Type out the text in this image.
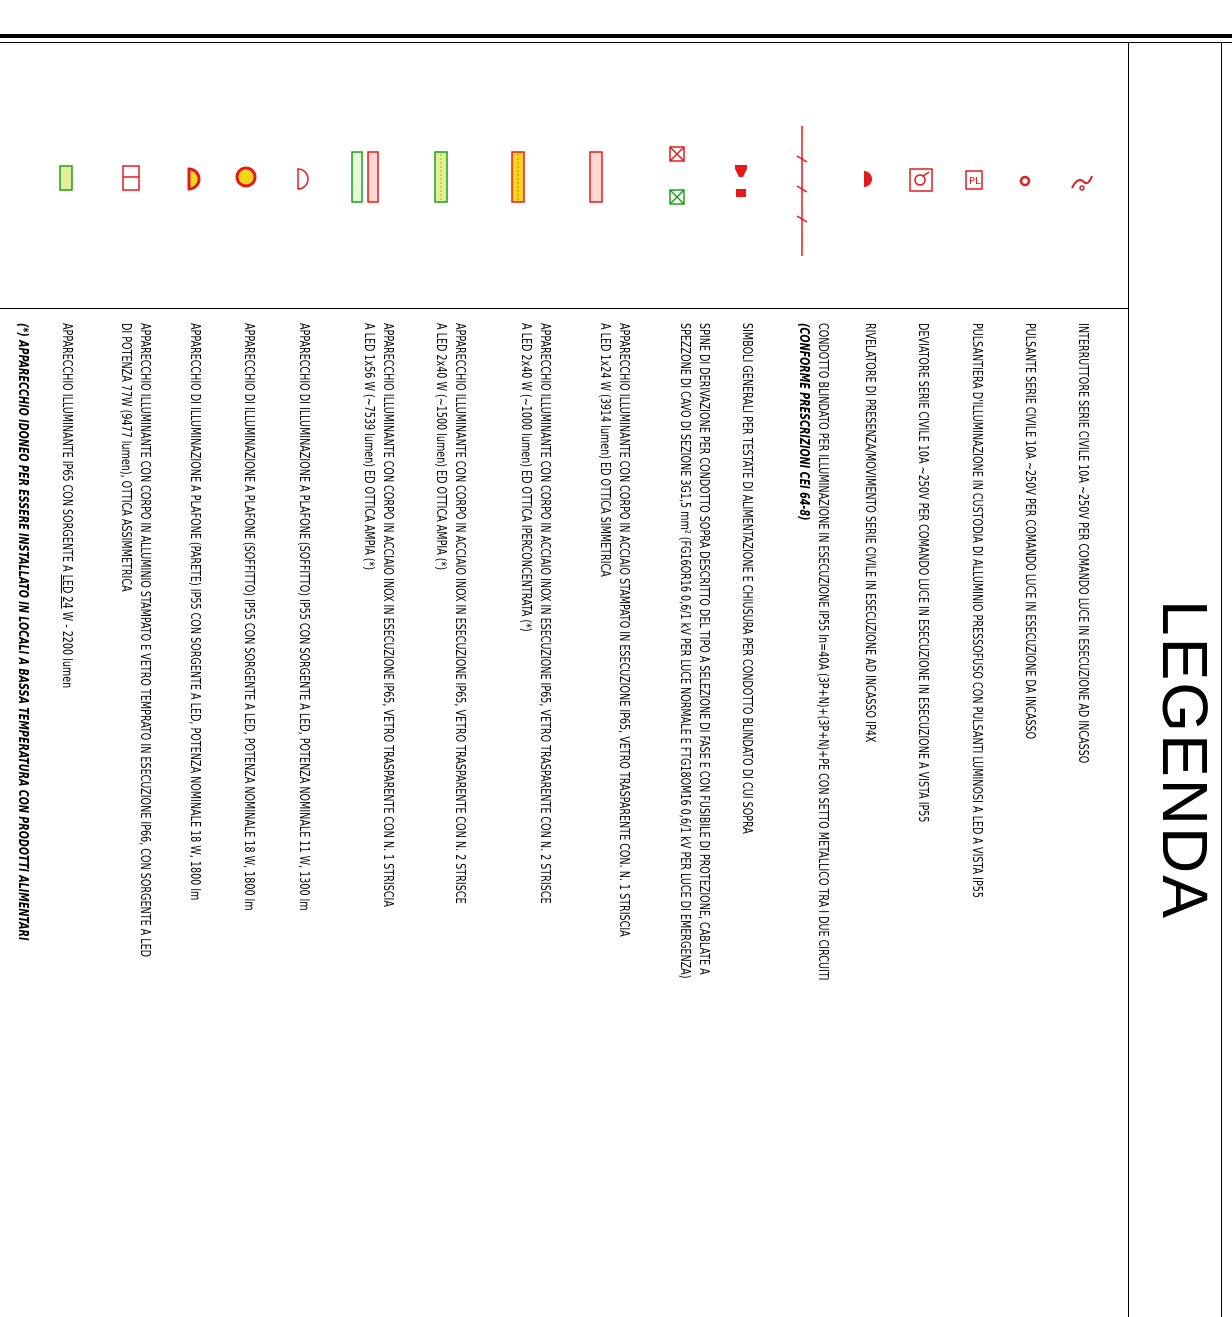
LEGENDA
INTERRUTTORE SERIE CIVILE 10A ~250V PER COMANDO LUCE IN ESECUZIONE AD INCASSO
PULSANTE SERIE CIVILE 10A ~250V PER COMANDO LUCE IN ESECUZIONE DA INCASSO
PULSANTIERA D'ILLUMINAZIONE IN CUSTODIA DI ALLUMINIO PRESSOFUSO CON PULSANTI LUMINOSI A LED A VISTA IP55
DEVIATORE SERIE CIVILE 10A ~250V PER COMANDO LUCE IN ESECUZIONE IN ESECUZIONE A VISTA IP55
RIVELATORE DI PRESENZA/MOVIMENTO SERIE CIVILE IN ESECUZIONE AD INCASSO IP4X
CONDOTTO BLINDATO PER ILLUMINAZIONE IN ESECUZIONE IP55 In=40A (3P+N)+(3P+N)+PE CON SETTO METALLICO TRA I DUE CIRCUITI
(CONFORME PRESCRIZIONI CEI 64-8)
SIMBOLI GENERALI PER TESTATE DI ALIMENTAZIONE E CHIUSURA PER CONDOTTO BLINDATO DI CUI SOPRA
SPINE DI DERIVAZIONE PER CONDOTTO SOPRA DESCRITTO DEL TIPO A SELEZIONE DI FASE E CON FUSIBILE DI PROTEZIONE, CABLATE A
SPEZZONE DI CAVO DI SEZIONE 3G1,5 mm² (FG16OR16 0,6/1 kV PER LUCE NORMALE E FTG18OM16 0,6/1 kV PER LUCE DI EMERGENZA)
APPARECCHIO ILLUMINANTE CON CORPO IN ACCIAIO STAMPATO IN ESECUZIONE IP65, VETRO TRASPARENTE CON. N. 1 STRISCIA
A LED 1x24 W (3914 lumen) ED OTTICA SIMMETRICA
APPARECCHIO ILLUMINANTE CON CORPO IN ACCIAIO INOX IN ESECUZIONE IP65, VETRO TRASPARENTE CON N. 2 STRISCE
A LED 2x40 W (~1000 lumen) ED OTTICA IPERCONCENTRATA (*)
APPARECCHIO ILLUMINANTE CON CORPO IN ACCIAIO INOX IN ESECUZIONE IP65, VETRO TRASPARENTE CON N. 2 STRISCE
A LED 2x40 W (~1500 lumen) ED OTTICA AMPIA (*)
APPARECCHIO ILLUMINANTE CON CORPO IN ACCIAIO INOX IN ESECUZIONE IP65, VETRO TRASPARENTE CON N. 1 STRISCIA
A LED 1x56 W (~7539 lumen) ED OTTICA AMPIA (*)
APPARECCHIO DI ILLUMINAZIONE A PLAFONE (SOFFITTO) IP55 CON SORGENTE A LED, POTENZA NOMINALE 11 W, 1300 lm
APPARECCHIO DI ILLUMINAZIONE A PLAFONE (SOFFITTO) IP55 CON SORGENTE A LED, POTENZA NOMINALE 18 W, 1800 lm
APPARECCHIO DI ILLUMINAZIONE A PLAFONE (PARETE) IP55 CON SORGENTE A LED, POTENZA NOMINALE 18 W, 1800 lm
APPARECCHIO ILLUMINANTE CON CORPO IN ALLUMINIO STAMPATO E VETRO TEMPRATO IN ESECUZIONE IP66, CON SORGENTE A LED
DI POTENZA 77W (9477 lumen), OTTICA ASSIMMETRICA
APPARECCHIO ILLUMINANTE IP65 CON SORGENTE A LED 24 W - 2200 lumen
(*) APPARECCHIO IDONEO PER ESSERE INSTALLATO IN LOCALI A BASSA TEMPERATURA CON PRODOTTI ALIMENTARI
PL
